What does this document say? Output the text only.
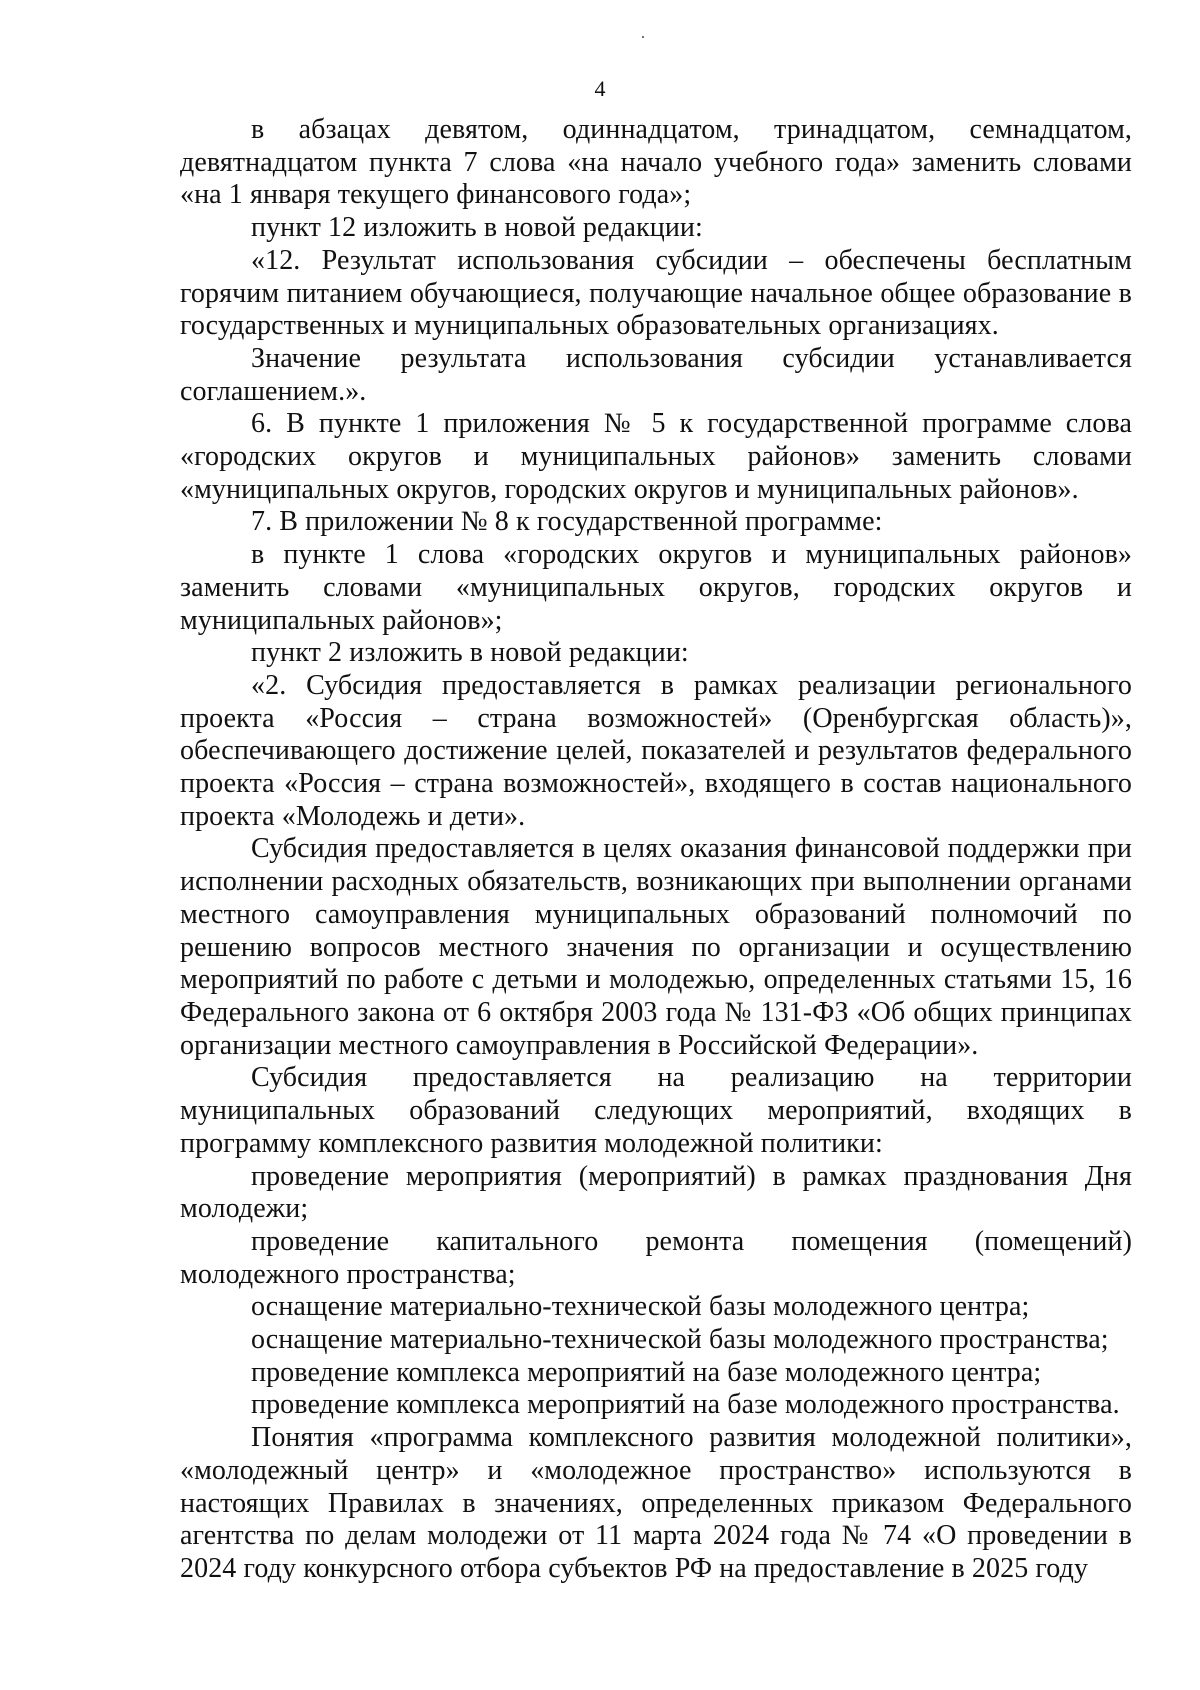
4

в абзацах девятом, одиннадцатом, тринадцатом, семнадцатом, девятнадцатом пункта 7 слова «на начало учебного года» заменить словами «на 1 января текущего финансового года»;

пункт 12 изложить в новой редакции:

«12. Результат использования субсидии – обеспечены бесплатным горячим питанием обучающиеся, получающие начальное общее образование в государственных и муниципальных образовательных организациях.

Значение результата использования субсидии устанавливается соглашением.».

6. В пункте 1 приложения № 5 к государственной программе слова «городских округов и муниципальных районов» заменить словами «муниципальных округов, городских округов и муниципальных районов».

7. В приложении № 8 к государственной программе:

в пункте 1 слова «городских округов и муниципальных районов» заменить словами «муниципальных округов, городских округов и муниципальных районов»;

пункт 2 изложить в новой редакции:

«2. Субсидия предоставляется в рамках реализации регионального проекта «Россия – страна возможностей» (Оренбургская область)», обеспечивающего достижение целей, показателей и результатов федерального проекта «Россия – страна возможностей», входящего в состав национального проекта «Молодежь и дети».

Субсидия предоставляется в целях оказания финансовой поддержки при исполнении расходных обязательств, возникающих при выполнении органами местного самоуправления муниципальных образований полномочий по решению вопросов местного значения по организации и осуществлению мероприятий по работе с детьми и молодежью, определенных статьями 15, 16 Федерального закона от 6 октября 2003 года № 131-ФЗ «Об общих принципах организации местного самоуправления в Российской Федерации».

Субсидия предоставляется на реализацию на территории муниципальных образований следующих мероприятий, входящих в программу комплексного развития молодежной политики:

проведение мероприятия (мероприятий) в рамках празднования Дня молодежи;

проведение капитального ремонта помещения (помещений) молодежного пространства;

оснащение материально-технической базы молодежного центра;

оснащение материально-технической базы молодежного пространства;

проведение комплекса мероприятий на базе молодежного центра;

проведение комплекса мероприятий на базе молодежного пространства.

Понятия «программа комплексного развития молодежной политики», «молодежный центр» и «молодежное пространство» используются в настоящих Правилах в значениях, определенных приказом Федерального агентства по делам молодежи от 11 марта 2024 года № 74 «О проведении в 2024 году конкурсного отбора субъектов РФ на предоставление в 2025 году
